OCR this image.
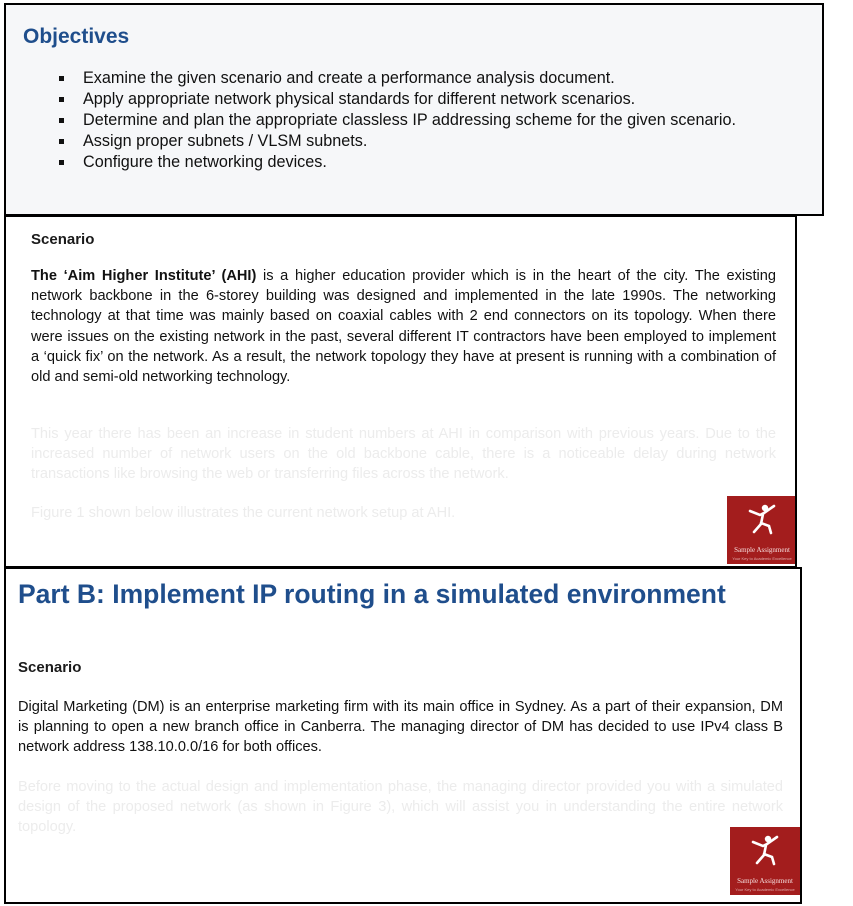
Objectives
Examine the given scenario and create a performance analysis document.
Apply appropriate network physical standards for different network scenarios.
Determine and plan the appropriate classless IP addressing scheme for the given scenario.
Assign proper subnets / VLSM subnets.
Configure the networking devices.
Scenario

The ‘Aim Higher Institute’ (AHI) is a higher education provider which is in the heart of the city. The existing network backbone in the 6-storey building was designed and implemented in the late 1990s. The networking technology at that time was mainly based on coaxial cables with 2 end connectors on its topology. When there were issues on the existing network in the past, several different IT contractors have been employed to implement a ‘quick fix’ on the network. As a result, the network topology they have at present is running with a combination of old and semi-old networking technology.

This year there has been an increase in student numbers at AHI in comparison with previous years. Due to the increased number of network users on the old backbone cable, there is a noticeable delay during network transactions like browsing the web or transferring files across the network.

Figure 1 shown below illustrates the current network setup at AHI.

Sample Assignment
Your Key to Academic Excellence
Part B: Implement IP routing in a simulated environment
Scenario

Digital Marketing (DM) is an enterprise marketing firm with its main office in Sydney. As a part of their expansion, DM is planning to open a new branch office in Canberra. The managing director of DM has decided to use IPv4 class B network address 138.10.0.0/16 for both offices.

Before moving to the actual design and implementation phase, the managing director provided you with a simulated design of the proposed network (as shown in Figure 3), which will assist you in understanding the entire network topology.

Sample Assignment
Your Key to Academic Excellence
